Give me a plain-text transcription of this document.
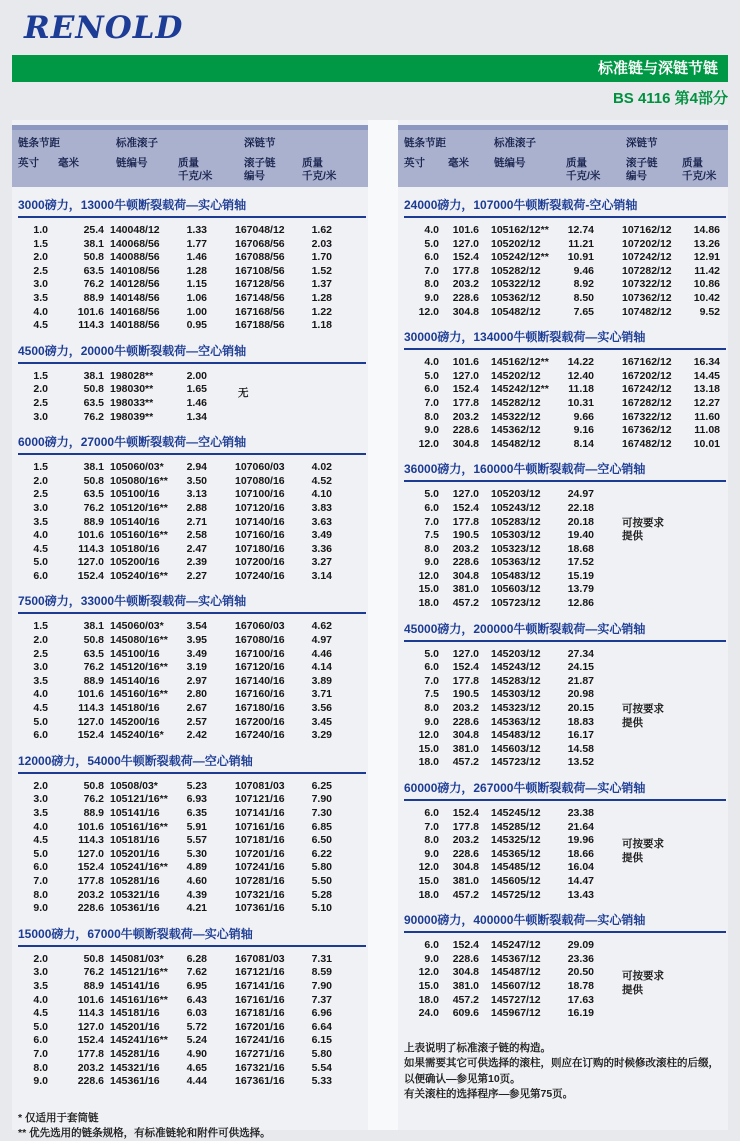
RENOLD
标准链与深链节链
BS 4116 第4部分
链条节距	标准滚子	深链节
英寸 毫米	链编号	质量
千克/米
滚子链
编号
质量
千克/米
3000磅力，13000牛顿断裂载荷—实心销轴
1.0	25.4 140048/12	1.33	167048/12	1.62
1.5	38.1 140068/56	1.77	167068/56	2.03
2.0	50.8 140088/56	1.46	167088/56	1.70
2.5	63.5 140108/56	1.28	167108/56	1.52
3.0	76.2 140128/56	1.15	167128/56	1.37
3.5	88.9 140148/56	1.06	167148/56	1.28
4.0	101.6 140168/56	1.00	167168/56	1.22
4.5	114.3 140188/56	0.95	167188/56	1.18
4500磅力，20000牛顿断裂载荷—空心销轴
1.5	38.1 198028**	2.00
2.0	50.8 198030**	1.65
2.5	63.5 198033**	1.46
3.0	76.2 198039**	1.34
无
6000磅力，27000牛顿断裂载荷—空心销轴
1.5	38.1 105060/03*	2.94	107060/03	4.02
2.0	50.8 105080/16**	3.50	107080/16	4.52
2.5	63.5 105100/16	3.13	107100/16	4.10
3.0	76.2 105120/16**	2.88	107120/16	3.83
3.5	88.9 105140/16	2.71	107140/16	3.63
4.0	101.6 105160/16**	2.58	107160/16	3.49
4.5	114.3 105180/16	2.47	107180/16	3.36
5.0	127.0 105200/16	2.39	107200/16	3.27
6.0	152.4 105240/16**	2.27	107240/16	3.14
7500磅力，33000牛顿断裂载荷—实心销轴
1.5	38.1 145060/03*	3.54	167060/03	4.62
2.0	50.8 145080/16**	3.95	167080/16	4.97
2.5	63.5 145100/16	3.49	167100/16	4.46
3.0	76.2 145120/16**	3.19	167120/16	4.14
3.5	88.9 145140/16	2.97	167140/16	3.89
4.0	101.6 145160/16**	2.80	167160/16	3.71
4.5	114.3 145180/16	2.67	167180/16	3.56
5.0	127.0 145200/16	2.57	167200/16	3.45
6.0	152.4 145240/16*	2.42	167240/16	3.29
12000磅力，54000牛顿断裂载荷—空心销轴
2.0	50.8 10508/03*	5.23	107081/03	6.25
3.0	76.2 105121/16**	6.93	107121/16	7.90
3.5	88.9 105141/16	6.35	107141/16	7.30
4.0	101.6 105161/16**	5.91	107161/16	6.85
4.5	114.3 105181/16	5.57	107181/16	6.50
5.0	127.0 105201/16	5.30	107201/16	6.22
6.0	152.4 105241/16**	4.89	107241/16	5.80
7.0	177.8 105281/16	4.60	107281/16	5.50
8.0	203.2 105321/16	4.39	107321/16	5.28
9.0	228.6 105361/16	4.21	107361/16	5.10
15000磅力，67000牛顿断裂载荷—实心销轴
2.0	50.8 145081/03*	6.28	167081/03	7.31
3.0	76.2 145121/16**	7.62	167121/16	8.59
3.5	88.9 145141/16	6.95	167141/16	7.90
4.0	101.6 145161/16**	6.43	167161/16	7.37
4.5	114.3 145181/16	6.03	167181/16	6.96
5.0	127.0 145201/16	5.72	167201/16	6.64
6.0	152.4 145241/16**	5.24	167241/16	6.15
7.0	177.8 145281/16	4.90	167271/16	5.80
8.0	203.2 145321/16	4.65	167321/16	5.54
9.0	228.6 145361/16	4.44	167361/16	5.33
* 仅适用于套筒链
** 优先选用的链条规格，有标准链轮和附件可供选择。
链条节距	标准滚子	深链节
英寸 毫米 链编号	质量
千克/米
滚子链
编号
质量
千克/米
24000磅力，107000牛顿断裂载荷-空心销轴
4.0	101.6	105162/12**	12.74	107162/12	14.86
5.0	127.0	105202/12	11.21	107202/12	13.26
6.0	152.4	105242/12**	10.91	107242/12	12.91
7.0	177.8	105282/12	9.46	107282/12	11.42
8.0	203.2	105322/12	8.92	107322/12	10.86
9.0	228.6	105362/12	8.50	107362/12	10.42
12.0	304.8	105482/12	7.65	107482/12	9.52
30000磅力，134000牛顿断裂载荷—实心销轴
4.0	101.6	145162/12**	14.22	167162/12	16.34
5.0	127.0	145202/12	12.40	167202/12	14.45
6.0	152.4	145242/12**	11.18	167242/12	13.18
7.0	177.8	145282/12	10.31	167282/12	12.27
8.0	203.2	145322/12	9.66	167322/12	11.60
9.0	228.6	145362/12	9.16	167362/12	11.08
12.0	304.8	145482/12	8.14	167482/12	10.01
36000磅力，160000牛顿断裂载荷—空心销轴
5.0	127.0	105203/12	24.97
6.0	152.4	105243/12	22.18
7.0	177.8	105283/12	20.18
7.5	190.5	105303/12	19.40
8.0	203.2	105323/12	18.68
9.0	228.6	105363/12	17.52
12.0	304.8	105483/12	15.19
15.0	381.0	105603/12	13.79
18.0	457.2	105723/12	12.86
可按要求
提供
45000磅力，200000牛顿断裂载荷—实心销轴
5.0	127.0	145203/12	27.34
6.0	152.4	145243/12	24.15
7.0	177.8	145283/12	21.87
7.5	190.5	145303/12	20.98
8.0	203.2	145323/12	20.15
9.0	228.6	145363/12	18.83
12.0	304.8	145483/12	16.17
15.0	381.0	145603/12	14.58
18.0	457.2	145723/12	13.52
可按要求
提供
60000磅力，267000牛顿断裂载荷—实心销轴
6.0	152.4	145245/12	23.38
7.0	177.8	145285/12	21.64
8.0	203.2	145325/12	19.96
9.0	228.6	145365/12	18.66
12.0	304.8	145485/12	16.04
15.0	381.0	145605/12	14.47
18.0	457.2	145725/12	13.43
可按要求
提供
90000磅力，400000牛顿断裂载荷—实心销轴
6.0	152.4	145247/12	29.09
9.0	228.6	145367/12	23.36
12.0	304.8	145487/12	20.50
15.0	381.0	145607/12	18.78
18.0	457.2	145727/12	17.63
24.0	609.6	145967/12	16.19
可按要求
提供
上表说明了标准滚子链的构造。
如果需要其它可供选择的滚柱，则应在订购的时候修改滚柱的后缀，
以便确认—参见第10页。
有关滚柱的选择程序—参见第75页。
